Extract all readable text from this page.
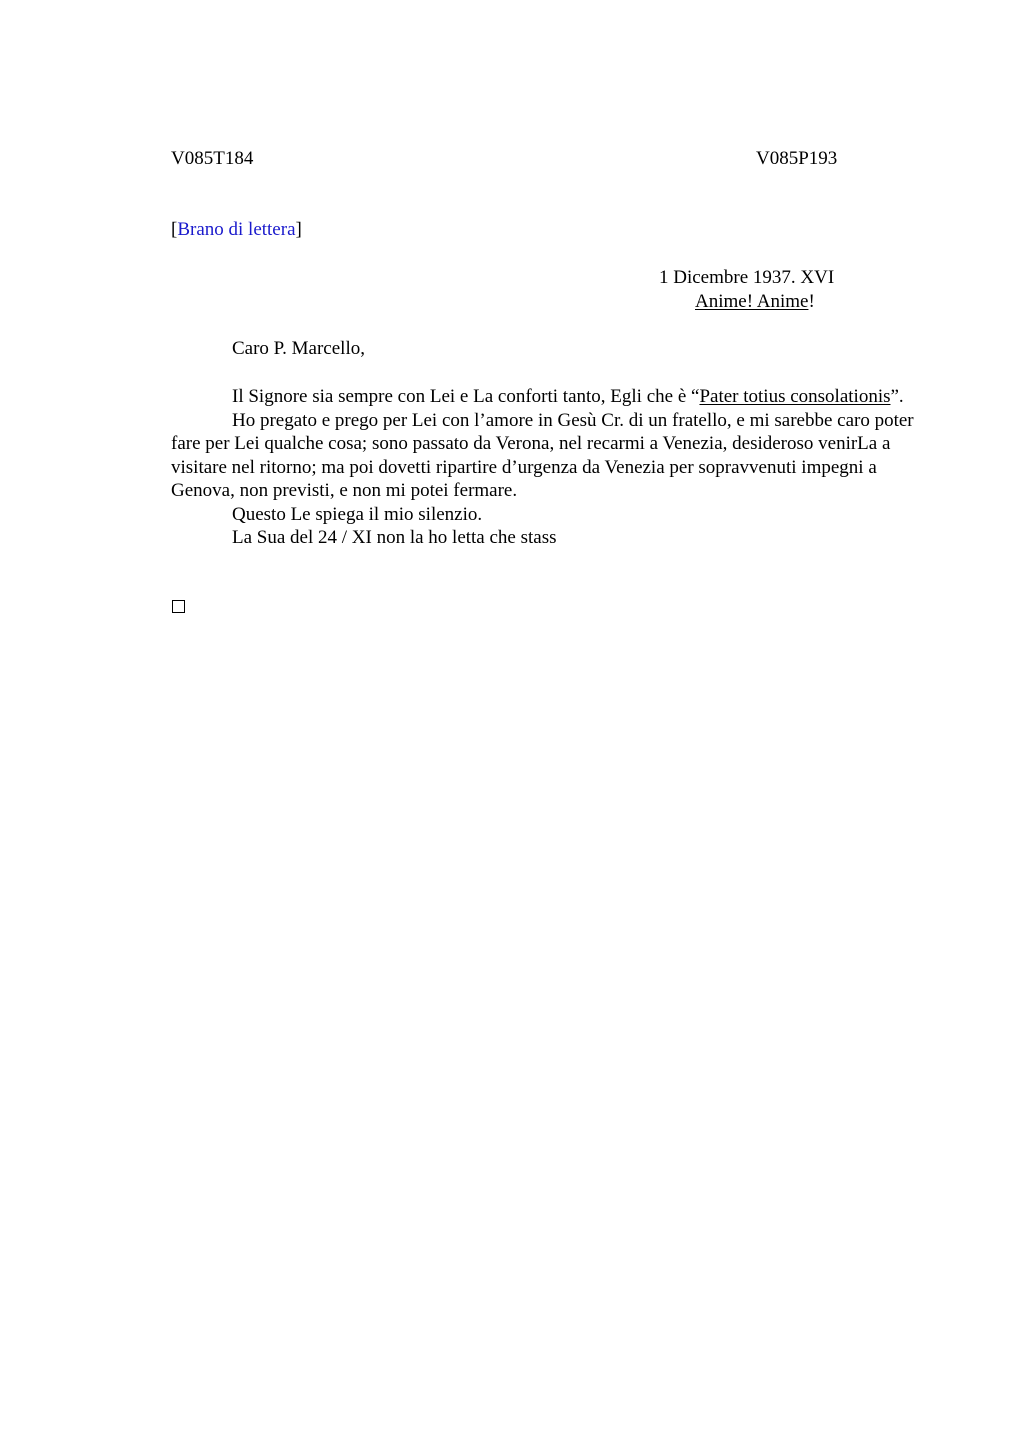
V085T184	V085P193
[Brano di lettera]
1 Dicembre 1937. XVI
Anime! Anime!
Caro P. Marcello,

Il Signore sia sempre con Lei e La conforti tanto, Egli che è “Pater totius consolationis”.

Ho pregato e prego per Lei con l’amore in Gesù Cr. di un fratello, e mi sarebbe caro poter fare per Lei qualche cosa; sono passato da Verona, nel recarmi a Venezia, desideroso venirLa a visitare nel ritorno; ma poi dovetti ripartire d’urgenza da Venezia per sopravvenuti impegni a Genova, non previsti, e non mi potei fermare.

Questo Le spiega il mio silenzio.

La Sua del 24 / XI non la ho letta che stass
